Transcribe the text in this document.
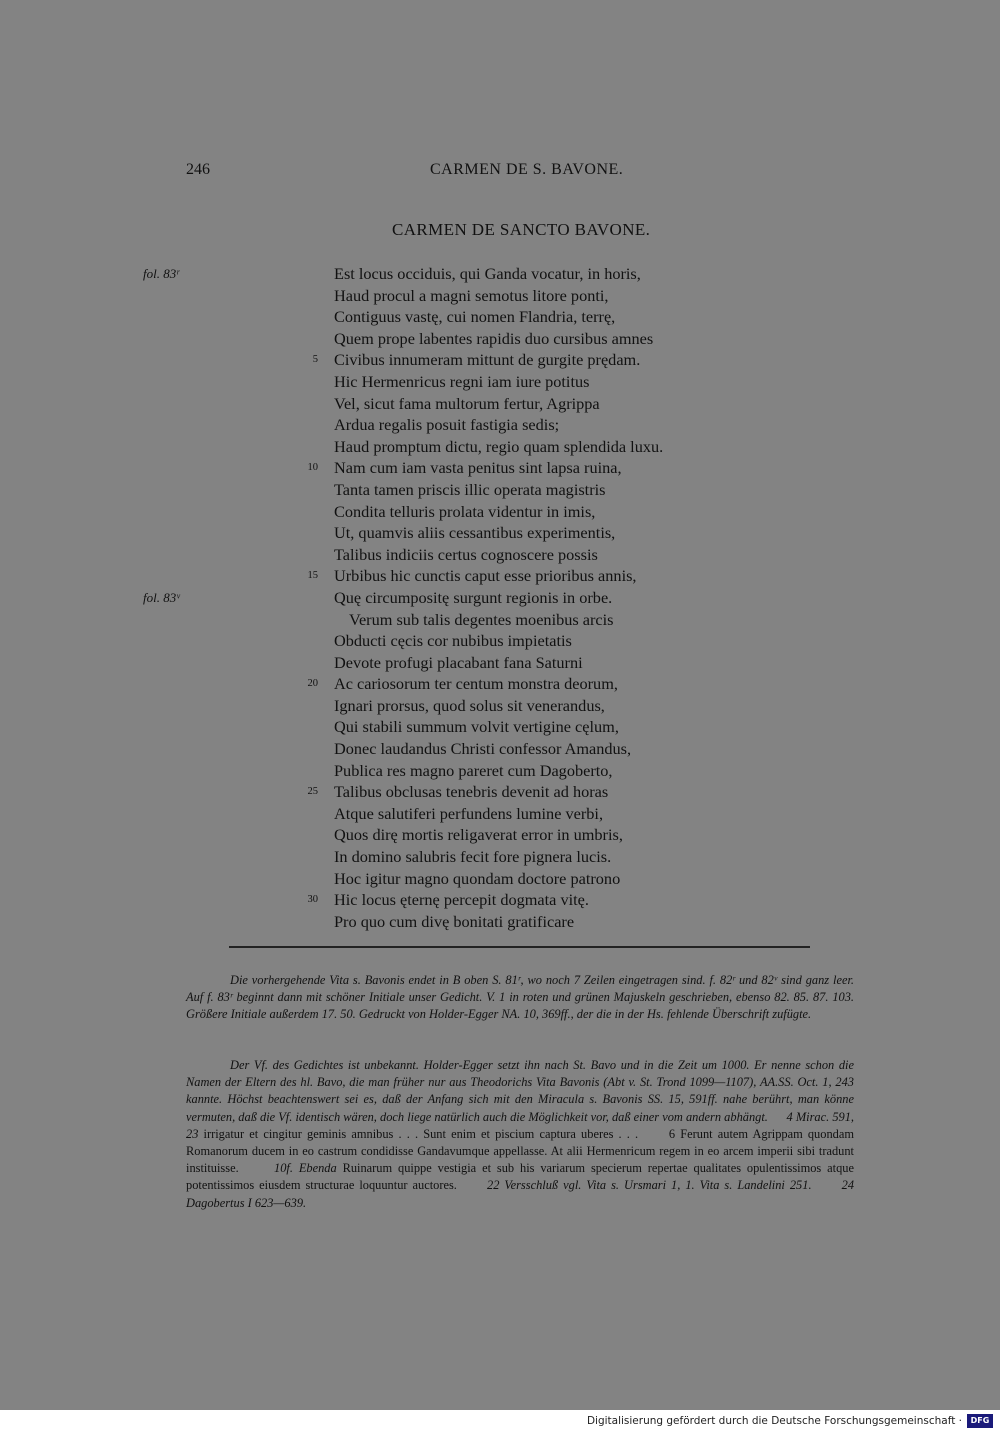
246	CARMEN DE S. BAVONE.
CARMEN DE SANCTO BAVONE.
fol. 83ʳ	Est locus occiduis, qui Ganda vocatur, in horis,
Haud procul a magni semotus litore ponti,
Contiguus vastę, cui nomen Flandria, terrę,
Quem prope labentes rapidis duo cursibus amnes
5 Civibus innumeram mittunt de gurgite prędam.
Hic Hermenricus regni iam iure potitus
Vel, sicut fama multorum fertur, Agrippa
Ardua regalis posuit fastigia sedis;
Haud promptum dictu, regio quam splendida luxu.
10 Nam cum iam vasta penitus sint lapsa ruina,
Tanta tamen priscis illic operata magistris
Condita telluris prolata videntur in imis,
Ut, quamvis aliis cessantibus experimentis,
Talibus indiciis certus cognoscere possis
15 Urbibus hic cunctis caput esse prioribus annis,
fol. 83ᵛ	Quę circumpositę surgunt regionis in orbe.
Verum sub talis degentes moenibus arcis
Obducti cęcis cor nubibus impietatis
Devote profugi placabant fana Saturni
20 Ac cariosorum ter centum monstra deorum,
Ignari prorsus, quod solus sit venerandus,
Qui stabili summum volvit vertigine cęlum,
Donec laudandus Christi confessor Amandus,
Publica res magno pareret cum Dagoberto,
25 Talibus obclusas tenebris devenit ad horas
Atque salutiferi perfundens lumine verbi,
Quos dirę mortis religaverat error in umbris,
In domino salubris fecit fore pignera lucis.
Hoc igitur magno quondam doctore patrono
30 Hic locus ęternę percepit dogmata vitę.
Pro quo cum divę bonitati gratificare

Die vorhergehende Vita s. Bavonis endet in B oben S. 81ʳ, wo noch 7 Zeilen eingetragen sind. f. 82ʳ und 82ᵛ sind ganz leer. Auf f. 83ʳ beginnt dann mit schöner Initiale unser Gedicht. V. 1 in roten und grünen Majuskeln geschrieben, ebenso 82. 85. 87. 103. Größere Initiale außerdem 17. 50. Gedruckt von Holder-Egger NA. 10, 369ff., der die in der Hs. fehlende Überschrift zufügte.

Der Vf. des Gedichtes ist unbekannt. Holder-Egger setzt ihn nach St. Bavo und in die Zeit um 1000. Er nenne schon die Namen der Eltern des hl. Bavo, die man früher nur aus Theodorichs Vita Bavonis (Abt v. St. Trond 1099—1107), AA.SS. Oct. 1, 243 kannte. Höchst beachtenswert sei es, daß der Anfang sich mit den Miracula s. Bavonis SS. 15, 591ff. nahe berührt, man könne vermuten, daß die Vf. identisch wären, doch liege natürlich auch die Möglichkeit vor, daß einer vom andern abhängt. 4 Mirac. 591, 23 irrigatur et cingitur geminis amnibus . . . Sunt enim et piscium captura uberes . . . 6 Ferunt autem Agrippam quondam Romanorum ducem in eo castrum condidisse Gandavumque appellasse. At alii Hermenricum regem in eo arcem imperii sibi tradunt instituisse.	10f. Ebenda Ruinarum quippe vestigia et sub his variarum specierum repertae qualitates opulentissimos atque potentissimos eiusdem structurae loquuntur auctores. 22 Versschluß vgl. Vita s. Ursmari 1, 1. Vita s. Landelini 251. 24 Dagobertus I 623—639.

Digitalisierung gefördert durch die Deutsche Forschungsgemeinschaft ·	DFG
